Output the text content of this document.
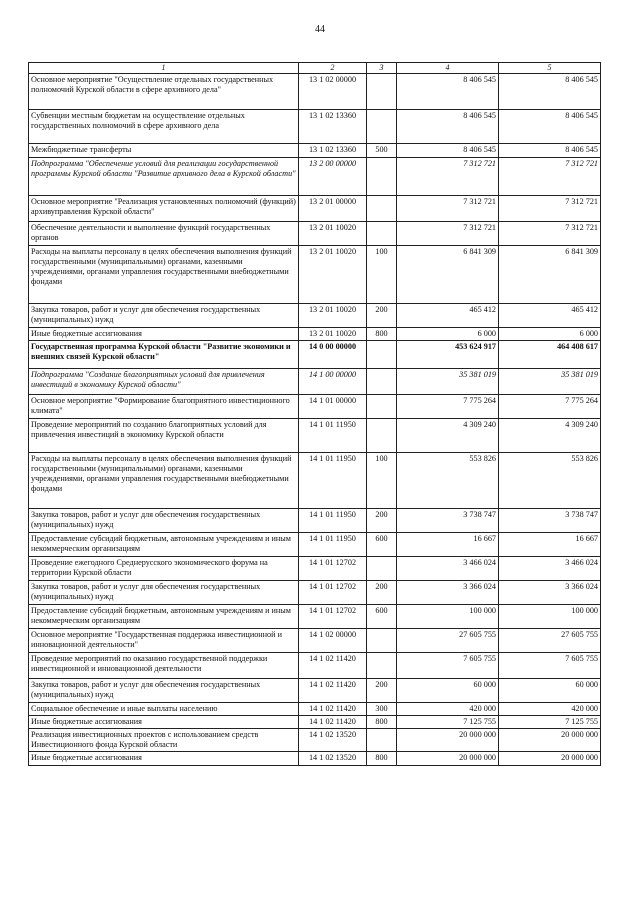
44
1	2	3	4	5
Основное мероприятие "Осуществление отдельных государственных полномочий Курской области в сфере архивного дела"	13 1 02 00000		8 406 545	8 406 545
Субвенции местным бюджетам на осуществление отдельных государственных полномочий в сфере архивного дела	13 1 02 13360		8 406 545	8 406 545
Межбюджетные трансферты	13 1 02 13360	500	8 406 545	8 406 545
Подпрограмма "Обеспечение условий для реализации государственной программы Курской области "Развитие архивного дела в Курской области"	13 2 00 00000		7 312 721	7 312 721
Основное мероприятие "Реализация установленных полномочий (функций) архивуправления Курской области"	13 2 01 00000		7 312 721	7 312 721
Обеспечение деятельности и выполнение функций государственных органов	13 2 01 10020		7 312 721	7 312 721
Расходы на выплаты персоналу в целях обеспечения выполнения функций государственными (муниципальными) органами, казенными учреждениями, органами управления государственными внебюджетными фондами	13 2 01 10020	100	6 841 309	6 841 309
Закупка товаров, работ и услуг для обеспечения государственных (муниципальных) нужд	13 2 01 10020	200	465 412	465 412
Иные бюджетные ассигнования	13 2 01 10020	800	6 000	6 000
Государственная программа Курской области "Развитие экономики и внешних связей Курской области"	14 0 00 00000		453 624 917	464 408 617
Подпрограмма "Создание благоприятных условий для привлечения инвестиций в экономику Курской области"	14 1 00 00000		35 381 019	35 381 019
Основное мероприятие "Формирование благоприятного инвестиционного климата"	14 1 01 00000		7 775 264	7 775 264
Проведение мероприятий по созданию благоприятных условий для привлечения инвестиций в экономику Курской области	14 1 01 11950		4 309 240	4 309 240
Расходы на выплаты персоналу в целях обеспечения выполнения функций государственными (муниципальными) органами, казенными учреждениями, органами управления государственными внебюджетными фондами	14 1 01 11950	100	553 826	553 826
Закупка товаров, работ и услуг для обеспечения государственных (муниципальных) нужд	14 1 01 11950	200	3 738 747	3 738 747
Предоставление субсидий бюджетным, автономным учреждениям и иным некоммерческим организациям	14 1 01 11950	600	16 667	16 667
Проведение ежегодного Среднерусского экономического форума на территории Курской области	14 1 01 12702		3 466 024	3 466 024
Закупка товаров, работ и услуг для обеспечения государственных (муниципальных) нужд	14 1 01 12702	200	3 366 024	3 366 024
Предоставление субсидий бюджетным, автономным учреждениям и иным некоммерческим организациям	14 1 01 12702	600	100 000	100 000
Основное мероприятие "Государственная поддержка инвестиционной и инновационной деятельности"	14 1 02 00000		27 605 755	27 605 755
Проведение мероприятий по оказанию государственной поддержки инвестиционной и инновационной деятельности	14 1 02 11420		7 605 755	7 605 755
Закупка товаров, работ и услуг для обеспечения государственных (муниципальных) нужд	14 1 02 11420	200	60 000	60 000
Социальное обеспечение и иные выплаты населению	14 1 02 11420	300	420 000	420 000
Иные бюджетные ассигнования	14 1 02 11420	800	7 125 755	7 125 755
Реализация инвестиционных проектов с использованием средств Инвестиционного фонда Курской области	14 1 02 13520		20 000 000	20 000 000
Иные бюджетные ассигнования	14 1 02 13520	800	20 000 000	20 000 000
